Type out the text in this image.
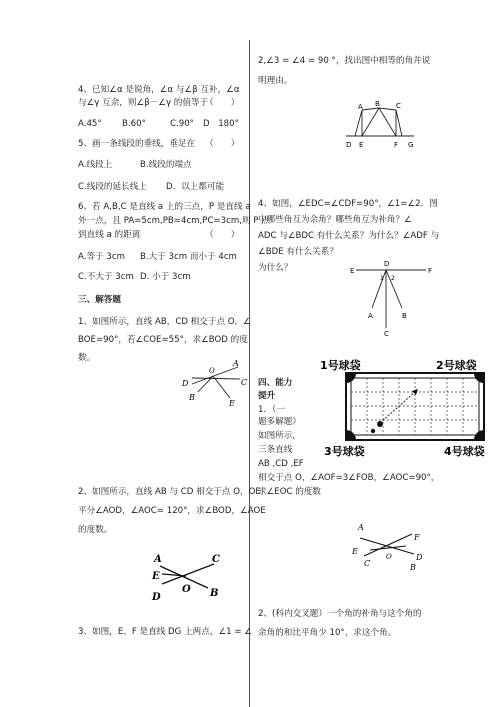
4、已知∠α 是锐角，∠α 与∠β 互补，∠α
与∠γ 互余，则∠β－∠γ 的值等于
（　　）
A.45° B.60°	C.90° D　180°
5、画一条线段的垂线，垂足在 （　　）
A.线段上	B.线段的端点
C.线段的延长线上 D．以上都可能
6、若 A,B,C 是直线 a 上的三点，P 是直线 a
外一点，且 PA=5cm,PB=4cm,PC=3cm,则 P 点
到直线 a 的距离	（　　）
A.等于 3cm B.大于 3cm 而小于 4cm
C.不大于 3cm D. 小于 3cm
三、解答题
1、如图所示，直线 AB，CD 相交于点 O，∠
BOE=90°，若∠COE=55°，求∠BOD 的度
数。
A
D	C
O
B
E
2、如图所示，直线 AB 与 CD 相交于点 O，OE
平分∠AOD，∠AOC= 120°，求∠BOD，∠AOE
的度数。
A	C
E
O
D	B
3、如图，E、F 是直线 DG 上两点，∠1 = ∠
2,∠3 = ∠4 = 90 °，找出图中相等的角并说
明理由。
A B C
D E	F G
4、如图，∠EDC=∠CDF=90°，∠1=∠2．图
中哪些角互为余角？哪些角互为补角？∠
ADC 与∠BDC 有什么关系？为什么？∠ADF 与
∠BDE 有什么关系？
为什么？	D
E	F
1 2
A	B
C
四、能力
提升
1．（一
题多解题）
如图所示，
三条直线
AB ,CD ,EF
相交于点 O，∠AOF=3∠FOB，∠AOC=90°，
求∠EOC 的度数
1号球袋	2号球袋
3号球袋	4号球袋
A
F
E
O	D
C	B
2、(科内交叉题）一个角的补角与这个角的
余角的和比平角少 10°，求这个角。
